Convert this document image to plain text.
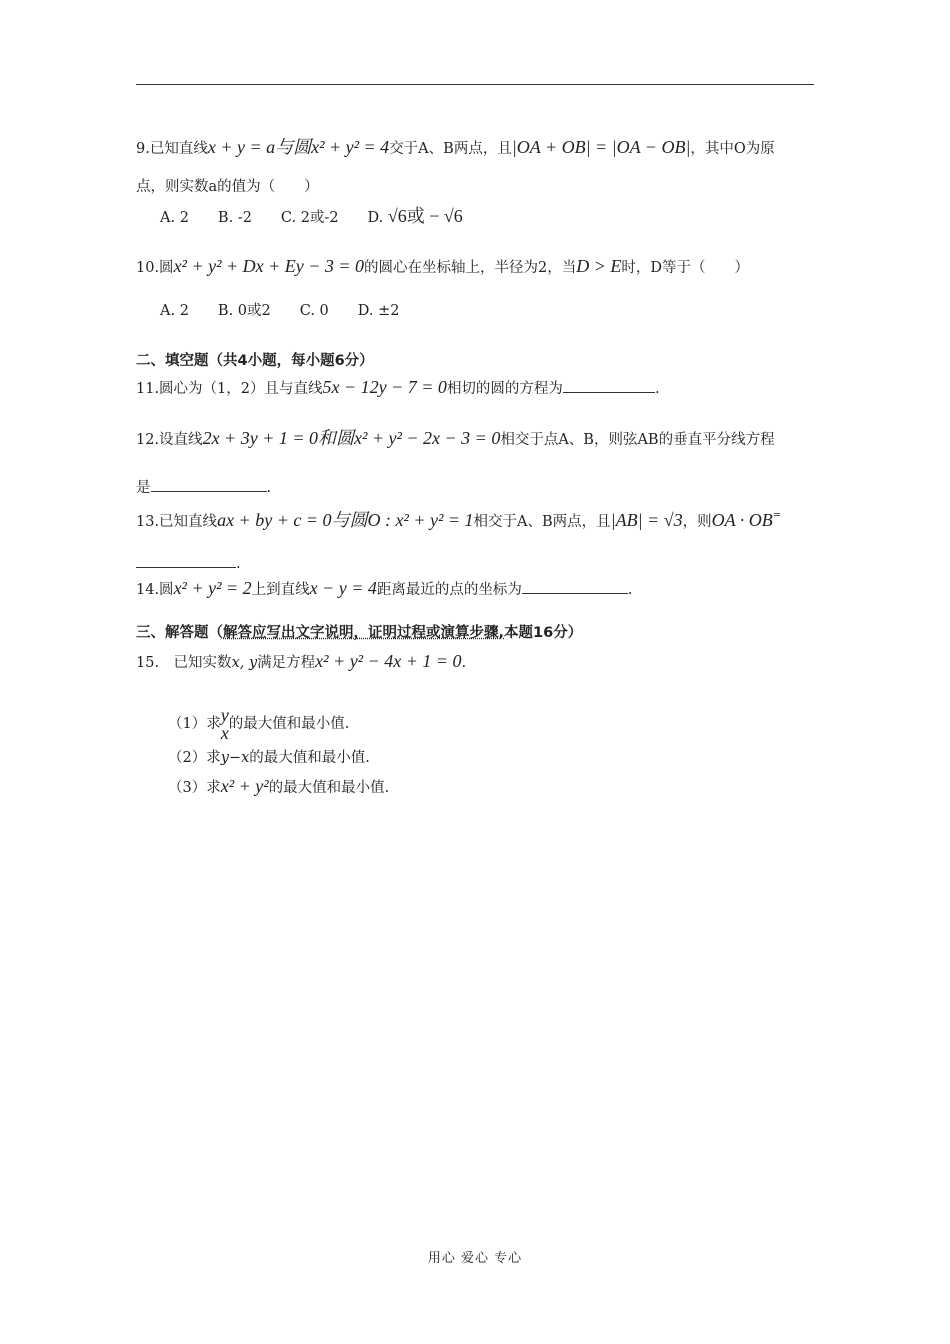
9.已知直线x + y = a与圆x² + y² = 4交于A、B两点，且|OA + OB| = |OA − OB|，其中O为原
点，则实数a的值为（　　）
A. 2　　B. -2　　C. 2或-2　　D. √6或 − √6
10.圆x² + y² + Dx + Ey − 3 = 0的圆心在坐标轴上，半径为2，当D > E时，D等于（　　）
A. 2　　B. 0或2　　C. 0　　D. ±2
二、填空题（共4小题，每小题6分）
11.圆心为（1，2）且与直线5x − 12y − 7 = 0相切的圆的方程为	.
12.设直线2x + 3y + 1 = 0和圆x² + y² − 2x − 3 = 0相交于点A、B，则弦AB的垂直平分线方程
是	.
13.已知直线ax + by + c = 0与圆O : x² + y² = 1相交于A、B两点，且|AB| = √3，则OA · OB=
.
14.圆x² + y² = 2上到直线x − y = 4距离最近的点的坐标为	.
三、解答题（解答应写出文字说明，证明过程或演算步骤,本题16分）
15.　已知实数x, y满足方程x² + y² − 4x + 1 = 0.
（1）求 y
x 的最大值和最小值.
（2）求y−x的最大值和最小值.
（3）求x² + y²的最大值和最小值.
用心 爱心 专心
